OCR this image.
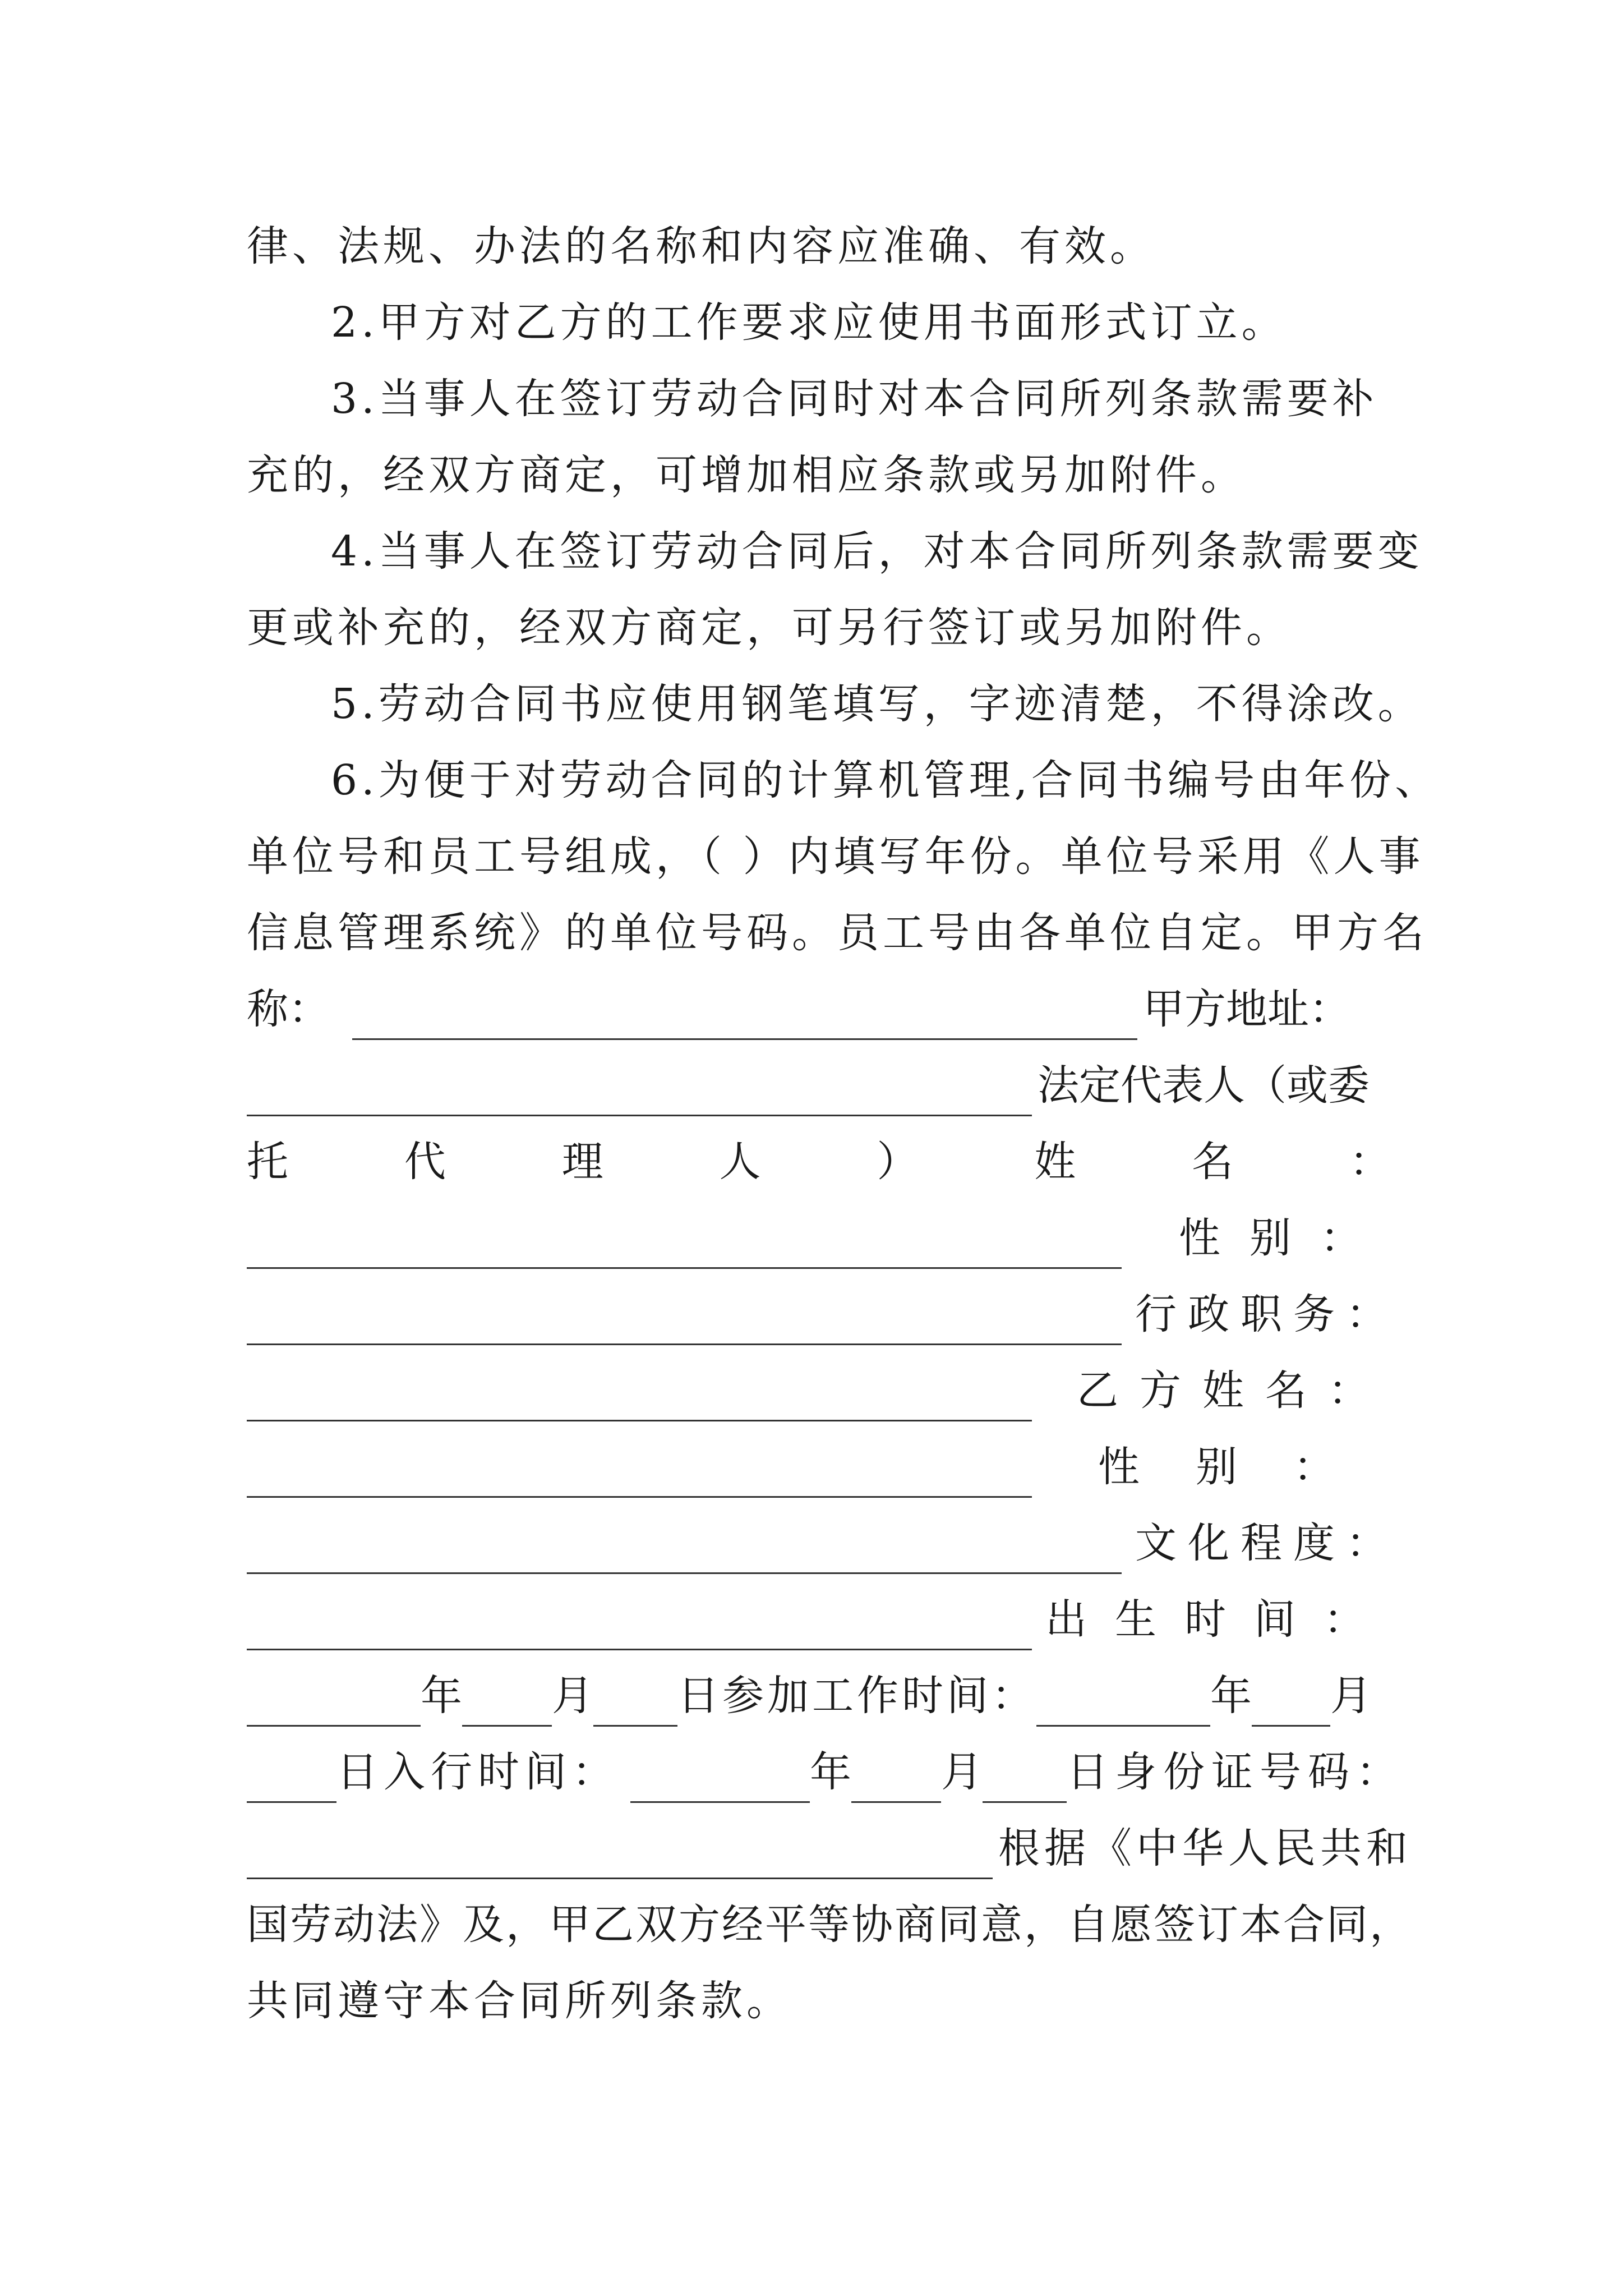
律、法规、办法的名称和内容应准确、有效。
2.甲方对乙方的工作要求应使用书面形式订立。
3.当事人在签订劳动合同时对本合同所列条款需要补
充的，经双方商定，可增加相应条款或另加附件。
4.当事人在签订劳动合同后，对本合同所列条款需要变
更或补充的，经双方商定，可另行签订或另加附件。
5.劳动合同书应使用钢笔填写，字迹清楚，不得涂改。
6.为便于对劳动合同的计算机管理,合同书编号由年份、
单位号和员工号组成，（ ）内填写年份。单位号采用《人事
信息管理系统》的单位号码。员工号由各单位自定。甲方名
称：	甲方地址：
法定代表人（或委
托	代	理	人	）	姓	名	：
性别：
行政职务：
乙方姓名：
性别：
文化程度：
出生时间：
年 月 日参加工作时间：	年 月
日入行时间：	年 月 日身份证号码：
根据《中华人民共和
国劳动法》及，甲乙双方经平等协商同意，自愿签订本合同，
共同遵守本合同所列条款。
